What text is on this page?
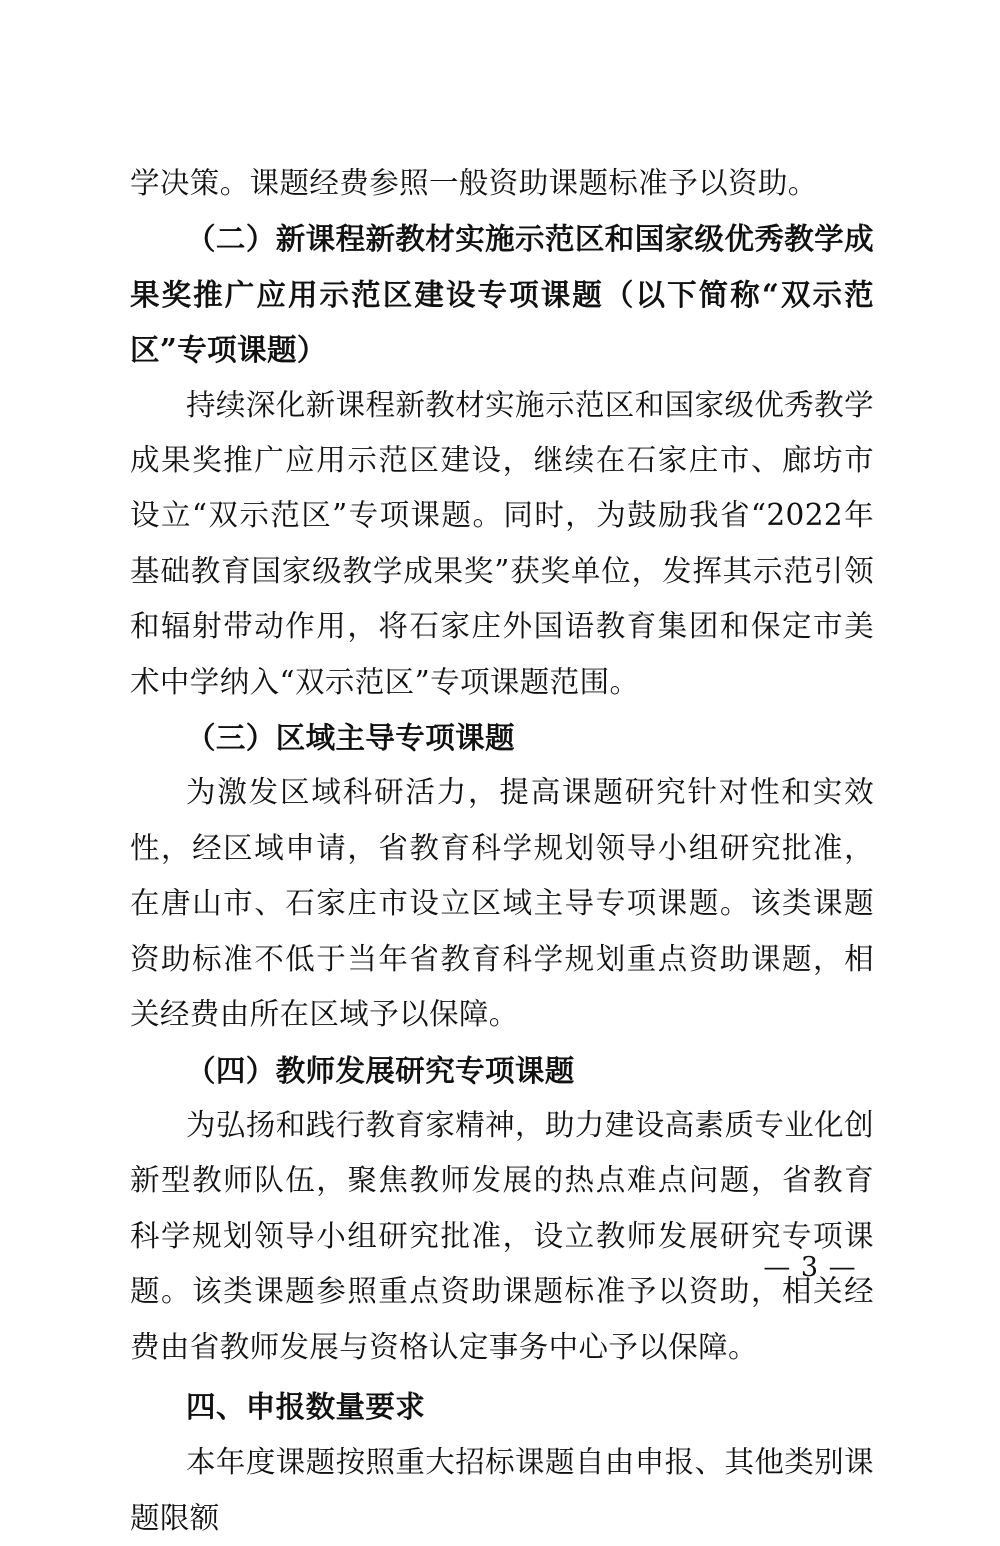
学决策。课题经费参照一般资助课题标准予以资助。

（二）新课程新教材实施示范区和国家级优秀教学成果奖推广应用示范区建设专项课题（以下简称“双示范区”专项课题）

持续深化新课程新教材实施示范区和国家级优秀教学成果奖推广应用示范区建设，继续在石家庄市、廊坊市设立“双示范区”专项课题。同时，为鼓励我省“2022年基础教育国家级教学成果奖”获奖单位，发挥其示范引领和辐射带动作用，将石家庄外国语教育集团和保定市美术中学纳入“双示范区”专项课题范围。

（三）区域主导专项课题

为激发区域科研活力，提高课题研究针对性和实效性，经区域申请，省教育科学规划领导小组研究批准，在唐山市、石家庄市设立区域主导专项课题。该类课题资助标准不低于当年省教育科学规划重点资助课题，相关经费由所在区域予以保障。

（四）教师发展研究专项课题

为弘扬和践行教育家精神，助力建设高素质专业化创新型教师队伍，聚焦教师发展的热点难点问题，省教育科学规划领导小组研究批准，设立教师发展研究专项课题。该类课题参照重点资助课题标准予以资助，相关经费由省教师发展与资格认定事务中心予以保障。

四、申报数量要求

本年度课题按照重大招标课题自由申报、其他类别课题限额

— 3 —
